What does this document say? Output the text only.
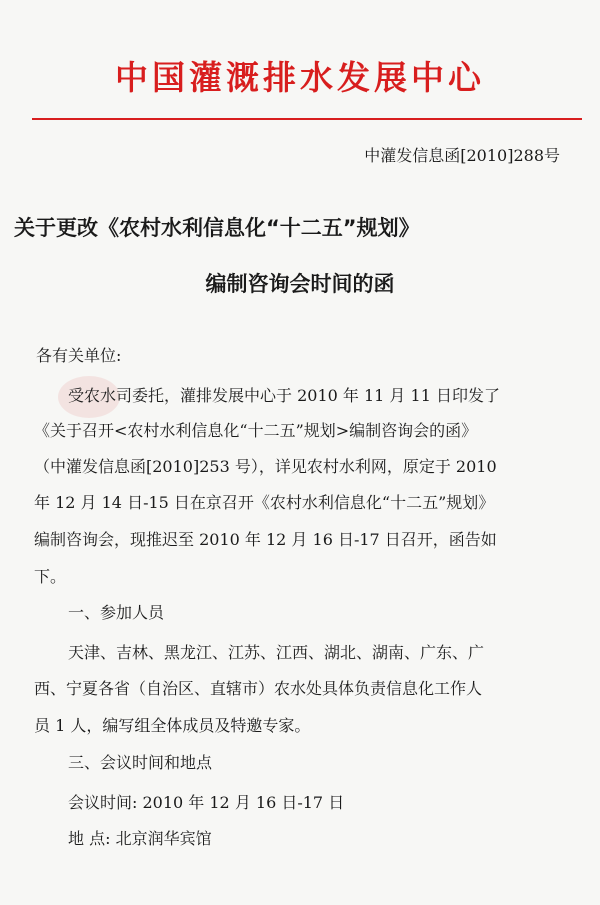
中国灌溉排水发展中心
中灌发信息函[2010]288号
关于更改《农村水利信息化“十二五”规划》
编制咨询会时间的函
各有关单位:
受农水司委托，灌排发展中心于 2010 年 11 月 11 日印发了
《关于召开<农村水利信息化“十二五”规划>编制咨询会的函》
（中灌发信息函[2010]253 号），详见农村水利网，原定于 2010
年 12 月 14 日-15 日在京召开《农村水利信息化“十二五”规划》
编制咨询会，现推迟至 2010 年 12 月 16 日-17 日召开，函告如
下。
一、参加人员
天津、吉林、黑龙江、江苏、江西、湖北、湖南、广东、广
西、宁夏各省（自治区、直辖市）农水处具体负责信息化工作人
员 1 人，编写组全体成员及特邀专家。
三、会议时间和地点
会议时间: 2010 年 12 月 16 日-17 日
地 点: 北京润华宾馆
